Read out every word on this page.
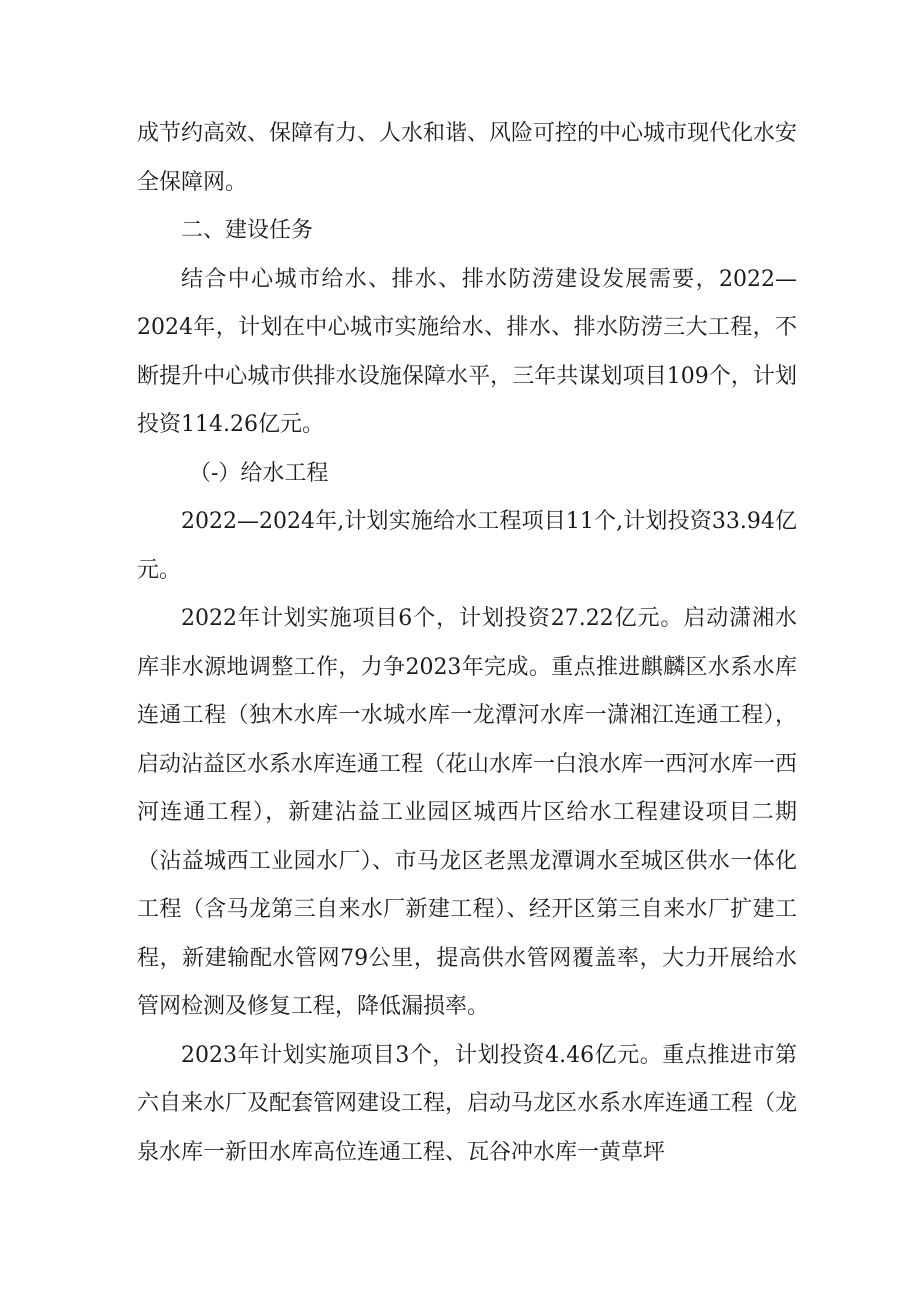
成节约高效、保障有力、人水和谐、风险可控的中心城市现代化水安全保障网。

二、建设任务

结合中心城市给水、排水、排水防涝建设发展需要，2022—2024年，计划在中心城市实施给水、排水、排水防涝三大工程，不断提升中心城市供排水设施保障水平，三年共谋划项目109个，计划投资114.26亿元。

（-）给水工程

2022—2024年,计划实施给水工程项目11个,计划投资33.94亿元。

2022年计划实施项目6个，计划投资27.22亿元。启动潇湘水库非水源地调整工作，力争2023年完成。重点推进麒麟区水系水库连通工程（独木水库一水城水库一龙潭河水库一潇湘江连通工程），启动沾益区水系水库连通工程（花山水库一白浪水库一西河水库一西河连通工程），新建沾益工业园区城西片区给水工程建设项目二期（沾益城西工业园水厂）、市马龙区老黑龙潭调水至城区供水一体化工程（含马龙第三自来水厂新建工程）、经开区第三自来水厂扩建工程，新建输配水管网79公里，提高供水管网覆盖率，大力开展给水管网检测及修复工程，降低漏损率。

2023年计划实施项目3个，计划投资4.46亿元。重点推进市第六自来水厂及配套管网建设工程，启动马龙区水系水库连通工程（龙泉水库一新田水库高位连通工程、瓦谷冲水库一黄草坪
